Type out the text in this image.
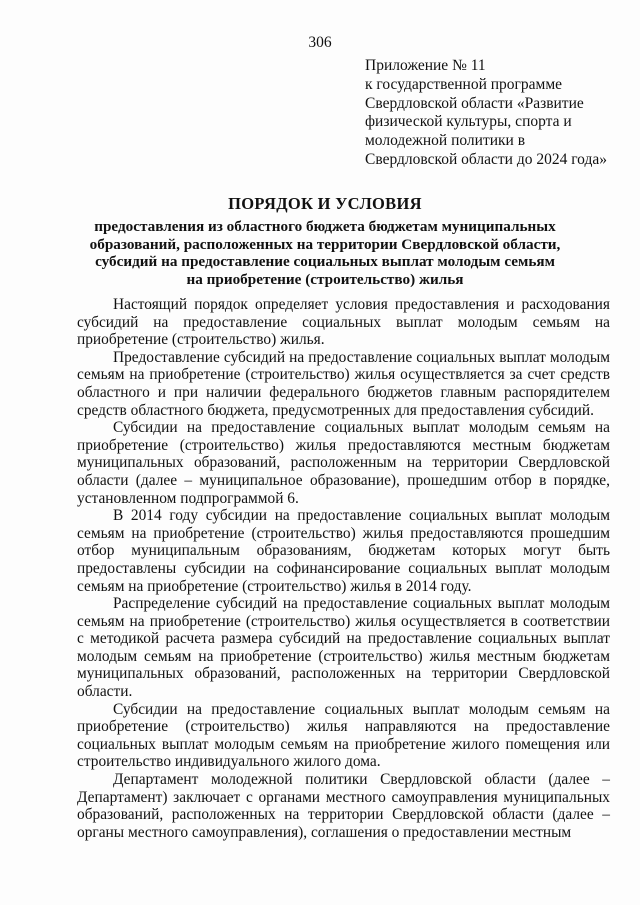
306
Приложение № 11
к государственной программе
Свердловской области «Развитие
физической культуры, спорта и
молодежной политики в
Свердловской области до 2024 года»
ПОРЯДОК И УСЛОВИЯ
предоставления из областного бюджета бюджетам муниципальных
образований, расположенных на территории Свердловской области,
субсидий на предоставление социальных выплат молодым семьям
на приобретение (строительство) жилья

Настоящий порядок определяет условия предоставления и расходования субсидий на предоставление социальных выплат молодым семьям на приобретение (строительство) жилья.

Предоставление субсидий на предоставление социальных выплат молодым семьям на приобретение (строительство) жилья осуществляется за счет средств областного и при наличии федерального бюджетов главным распорядителем средств областного бюджета, предусмотренных для предоставления субсидий.

Субсидии на предоставление социальных выплат молодым семьям на приобретение (строительство) жилья предоставляются местным бюджетам муниципальных образований, расположенным на территории Свердловской области (далее – муниципальное образование), прошедшим отбор в порядке, установленном подпрограммой 6.

В 2014 году субсидии на предоставление социальных выплат молодым семьям на приобретение (строительство) жилья предоставляются прошедшим отбор муниципальным образованиям, бюджетам которых могут быть предоставлены субсидии на софинансирование социальных выплат молодым семьям на приобретение (строительство) жилья в 2014 году.

Распределение субсидий на предоставление социальных выплат молодым семьям на приобретение (строительство) жилья осуществляется в соответствии с методикой расчета размера субсидий на предоставление социальных выплат молодым семьям на приобретение (строительство) жилья местным бюджетам муниципальных образований, расположенных на территории Свердловской области.

Субсидии на предоставление социальных выплат молодым семьям на приобретение (строительство) жилья направляются на предоставление социальных выплат молодым семьям на приобретение жилого помещения или строительство индивидуального жилого дома.

Департамент молодежной политики Свердловской области (далее – Департамент) заключает с органами местного самоуправления муниципальных образований, расположенных на территории Свердловской области (далее – органы местного самоуправления), соглашения о предоставлении местным
